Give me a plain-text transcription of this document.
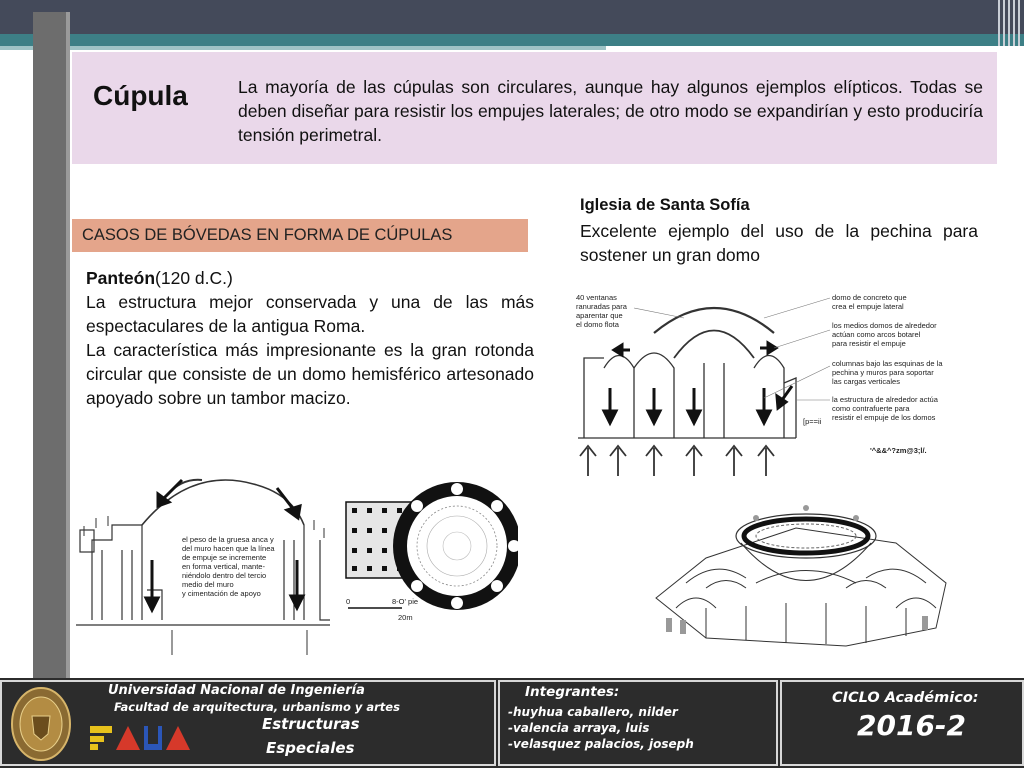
Cúpula	La mayoría de las cúpulas son circulares, aunque hay algunos ejemplos elípticos. Todas se deben diseñar para resistir los empujes laterales; de otro modo se expandirían y esto produciría tensión perimetral.
CASOS DE BÓVEDAS EN FORMA DE CÚPULAS
Panteón(120 d.C.)
La estructura mejor conservada y una de las más espectaculares de la antigua Roma.
La característica más impresionante es la gran rotonda circular que consiste de un domo hemisférico artesonado apoyado sobre un tambor macizo.
Iglesia de Santa Sofía
Excelente ejemplo del uso de la pechina para sostener un gran domo
el peso de la gruesa anca y
del muro hacen que la línea
de empuje se incremente
en forma vertical, mante-
niéndolo dentro del tercio
medio del muro
y cimentación de apoyo
0	8-O' pie
20m
40 ventanas
ranuradas para
aparentar que
el domo flota
domo de concreto que
crea el empuje lateral
los medios domos de alrededor
actúan como arcos botarel
para resistir el empuje
columnas bajo las esquinas de la
pechina y muros para soportar
las cargas verticales
la estructura de alrededor actúa
como contrafuerte para
resistir el empuje de los domos
[p==ii
'^&&^?zm@3;l/.
Universidad Nacional de Ingeniería
Facultad de arquitectura, urbanismo y artes
Estructuras
Especiales
Integrantes:
-huyhua caballero, nilder
-valencia arraya, luis
-velasquez palacios, joseph
CICLO Académico:
2016-2
